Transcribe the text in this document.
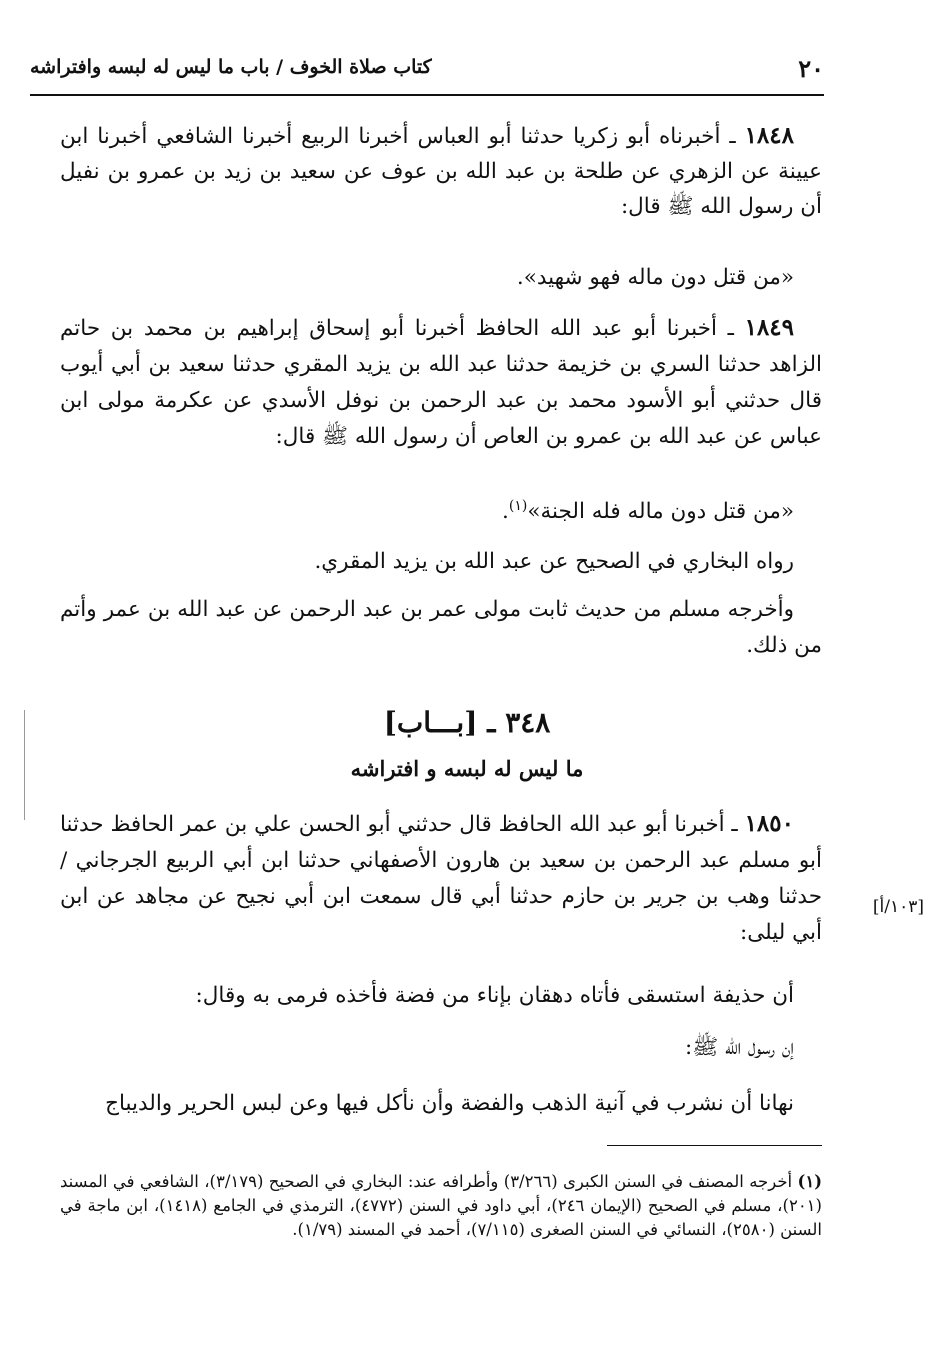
٢٠
كتاب صلاة الخوف / باب ما ليس له لبسه وافتراشه

١٨٤٨ ـ أخبرناه أبو زكريا حدثنا أبو العباس أخبرنا الربيع أخبرنا الشافعي أخبرنا ابن عيينة عن الزهري عن طلحة بن عبد الله بن عوف عن سعيد بن زيد بن عمرو بن نفيل أن رسول الله ﷺ قال:

«من قتل دون ماله فهو شهيد».

١٨٤٩ ـ أخبرنا أبو عبد الله الحافظ أخبرنا أبو إسحاق إبراهيم بن محمد بن حاتم الزاهد حدثنا السري بن خزيمة حدثنا عبد الله بن يزيد المقري حدثنا سعيد بن أبي أيوب قال حدثني أبو الأسود محمد بن عبد الرحمن بن نوفل الأسدي عن عكرمة مولى ابن عباس عن عبد الله بن عمرو بن العاص أن رسول الله ﷺ قال:

«من قتل دون ماله فله الجنة»$^{(١)}$.
رواه البخاري في الصحيح عن عبد الله بن يزيد المقري.
وأخرجه مسلم من حديث ثابت مولى عمر بن عبد الرحمن عن عبد الله بن عمر وأتم من ذلك.
٣٤٨ ـ [بـــاب]
ما ليس له لبسه و افتراشه

١٨٥٠ ـ أخبرنا أبو عبد الله الحافظ قال حدثني أبو الحسن علي بن عمر الحافظ حدثنا أبو مسلم عبد الرحمن بن سعيد بن هارون الأصفهاني حدثنا ابن أبي الربيع الجرجاني /حدثنا وهب بن جرير بن حازم حدثنا أبي قال سمعت ابن أبي نجيح عن مجاهد عن ابن أبي ليلى:

[١٠٣/أ]
أن حذيفة استسقى فأتاه دهقان بإناء من فضة فأخذه فرمى به وقال:
إن رسول الله ﷺ:
نهانا أن نشرب في آنية الذهب والفضة وأن نأكل فيها وعن لبس الحرير والديباج
(١) أخرجه المصنف في السنن الكبرى (٣/٢٦٦) وأطرافه عند: البخاري في الصحيح (٣/١٧٩)، الشافعي في المسند (٢٠١)، مسلم في الصحيح (الإيمان ٢٤٦)، أبي داود في السنن (٤٧٧٢)، الترمذي في الجامع (١٤١٨)، ابن ماجة في السنن (٢٥٨٠)، النسائي في السنن الصغرى (٧/١١٥)، أحمد في المسند (١/٧٩).
